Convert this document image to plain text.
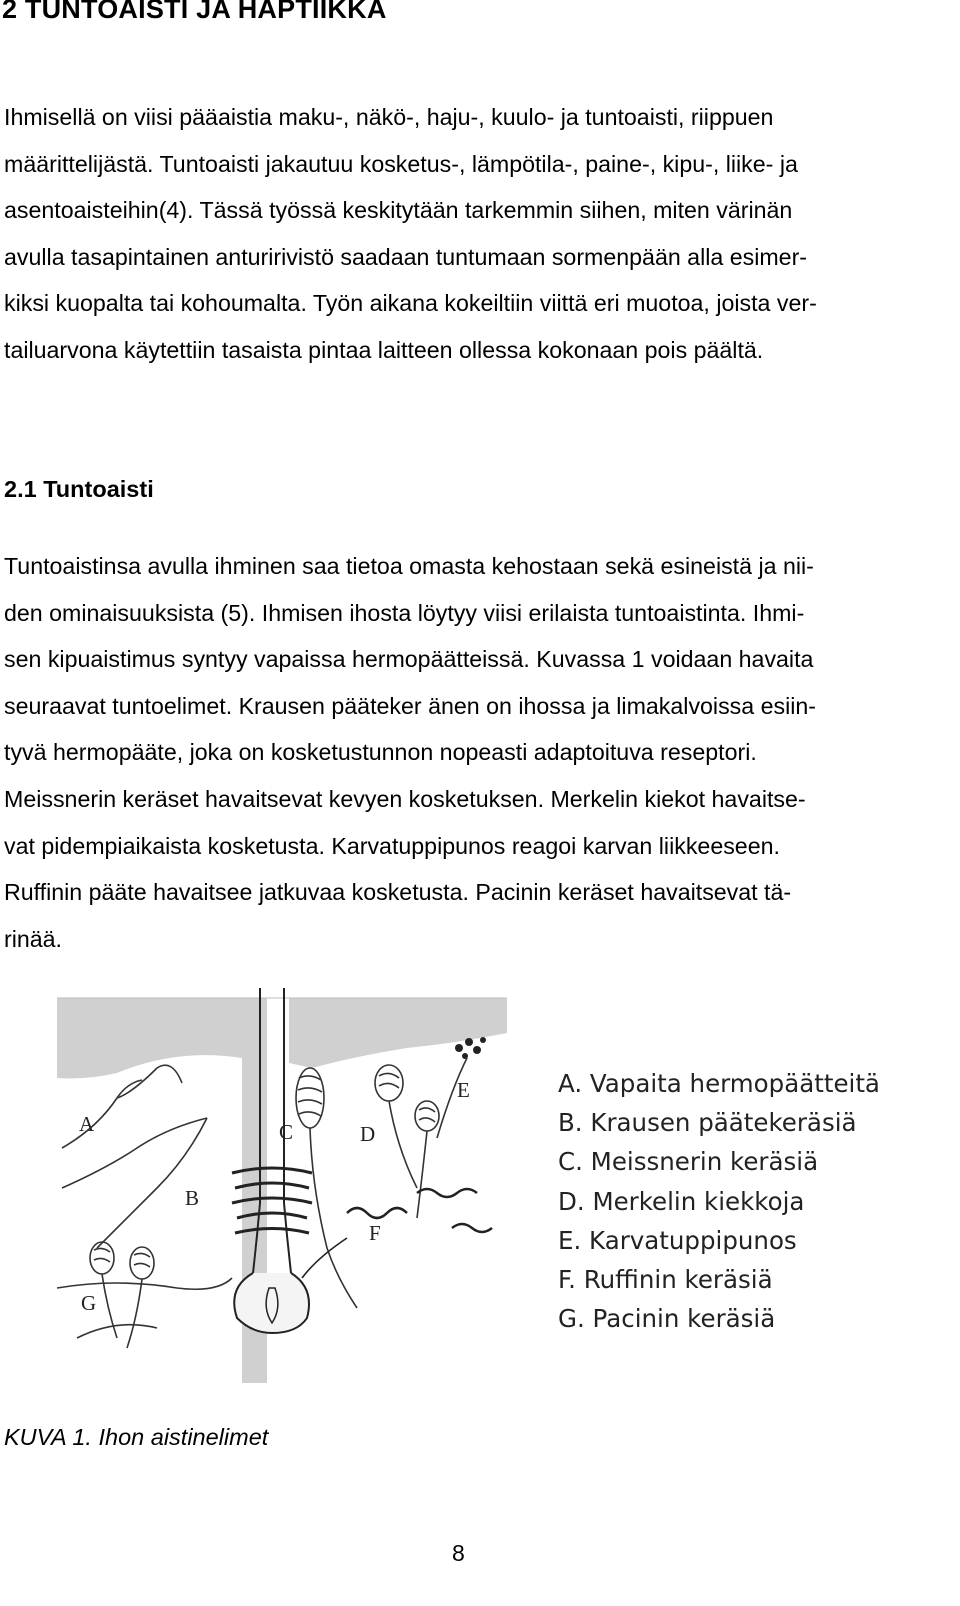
2 TUNTOAISTI JA HAPTIIKKA

Ihmisellä on viisi pääaistia maku-, näkö-, haju-, kuulo- ja tuntoaisti, riippuen
määrittelijästä. Tuntoaisti jakautuu kosketus-, lämpötila-, paine-, kipu-, liike- ja
asentoaisteihin(4). Tässä työssä keskitytään tarkemmin siihen, miten värinän
avulla tasapintainen anturirivistö saadaan tuntumaan sormenpään alla esimer-
kiksi kuopalta tai kohoumalta. Työn aikana kokeiltiin viittä eri muotoa, joista ver-
tailuarvona käytettiin tasaista pintaa laitteen ollessa kokonaan pois päältä.

2.1 Tuntoaisti

Tuntoaistinsa avulla ihminen saa tietoa omasta kehostaan sekä esineistä ja nii-
den ominaisuuksista (5). Ihmisen ihosta löytyy viisi erilaista tuntoaistinta. Ihmi-
sen kipuaistimus syntyy vapaissa hermopäätteissä. Kuvassa 1 voidaan havaita
seuraavat tuntoelimet. Krausen pääteker änen on ihossa ja limakalvoissa esiin-
tyvä hermopääte, joka on kosketustunnon nopeasti adaptoituva reseptori.
Meissnerin keräset havaitsevat kevyen kosketuksen. Merkelin kiekot havaitse-
vat pidempiaikaista kosketusta. Karvatuppipunos reagoi karvan liikkeeseen.
Ruffinin pääte havaitsee jatkuvaa kosketusta. Pacinin keräset havaitsevat tä-
rinää.

A
B
C	D
E
F
G
A. Vapaita hermopäätteitä
B. Krausen päätekeräsiä
C. Meissnerin keräsiä
D. Merkelin kiekkoja
E. Karvatuppipunos
F. Ruffinin keräsiä
G. Pacinin keräsiä

KUVA 1. Ihon aistinelimet

8
